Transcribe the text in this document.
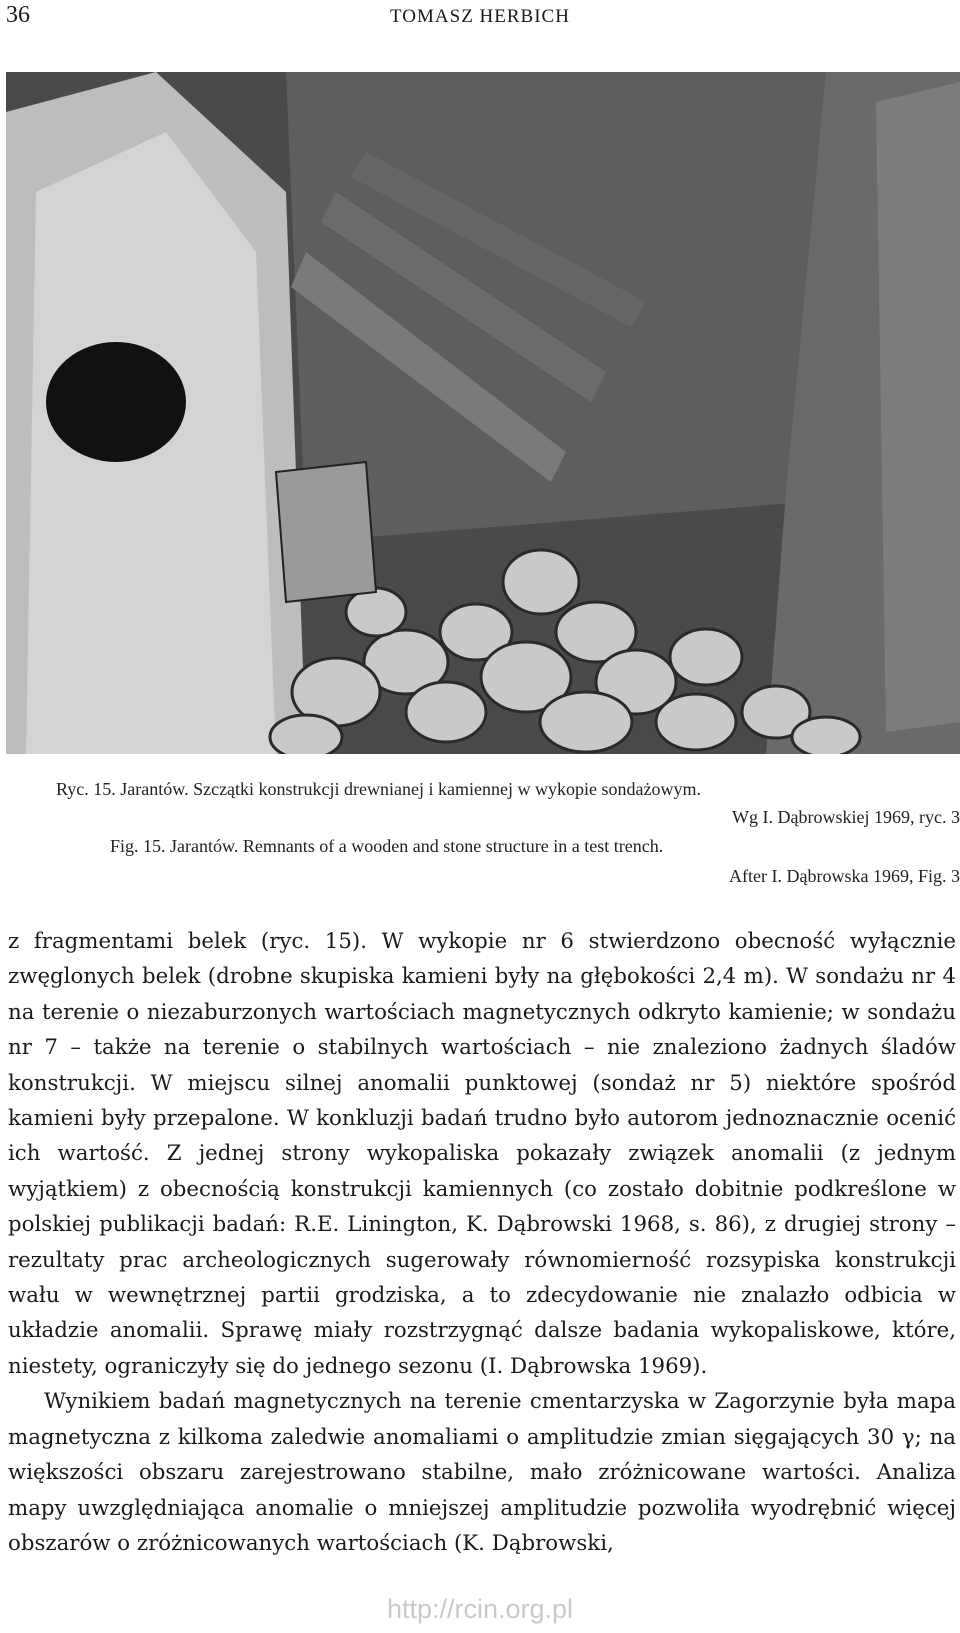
36	TOMASZ HERBICH
Ryc. 15. Jarantów. Szczątki konstrukcji drewnianej i kamiennej w wykopie sondażowym.
Wg I. Dąbrowskiej 1969, ryc. 3
Fig. 15. Jarantów. Remnants of a wooden and stone structure in a test trench.
After I. Dąbrowska 1969, Fig. 3

z fragmentami belek (ryc. 15). W wykopie nr 6 stwierdzono obecność wyłącznie zwęglonych belek (drobne skupiska kamieni były na głębokości 2,4 m). W sondażu nr 4 na terenie o niezaburzonych wartościach magnetycznych odkryto kamienie; w sondażu nr 7 – także na terenie o stabilnych wartościach – nie znaleziono żadnych śladów konstrukcji. W miejscu silnej anomalii punktowej (sondaż nr 5) niektóre spośród kamieni były przepalone. W konkluzji badań trudno było autorom jednoznacznie ocenić ich wartość. Z jednej strony wykopaliska pokazały związek anomalii (z jednym wyjątkiem) z obecnością konstrukcji kamiennych (co zostało dobitnie podkreślone w polskiej publikacji badań: R.E. Linington, K. Dąbrowski 1968, s. 86), z drugiej strony – rezultaty prac archeologicznych sugerowały równomierność rozsypiska konstrukcji wału w wewnętrznej partii grodziska, a to zdecydowanie nie znalazło odbicia w układzie anomalii. Sprawę miały rozstrzygnąć dalsze badania wykopaliskowe, które, niestety, ograniczyły się do jednego sezonu (I. Dąbrowska 1969).

Wynikiem badań magnetycznych na terenie cmentarzyska w Zagorzynie była mapa magnetyczna z kilkoma zaledwie anomaliami o amplitudzie zmian sięgających 30 γ; na większości obszaru zarejestrowano stabilne, mało zróżnicowane wartości. Analiza mapy uwzględniająca anomalie o mniejszej amplitudzie pozwoliła wyodrębnić więcej obszarów o zróżnicowanych wartościach (K. Dąbrowski,

http://rcin.org.pl
